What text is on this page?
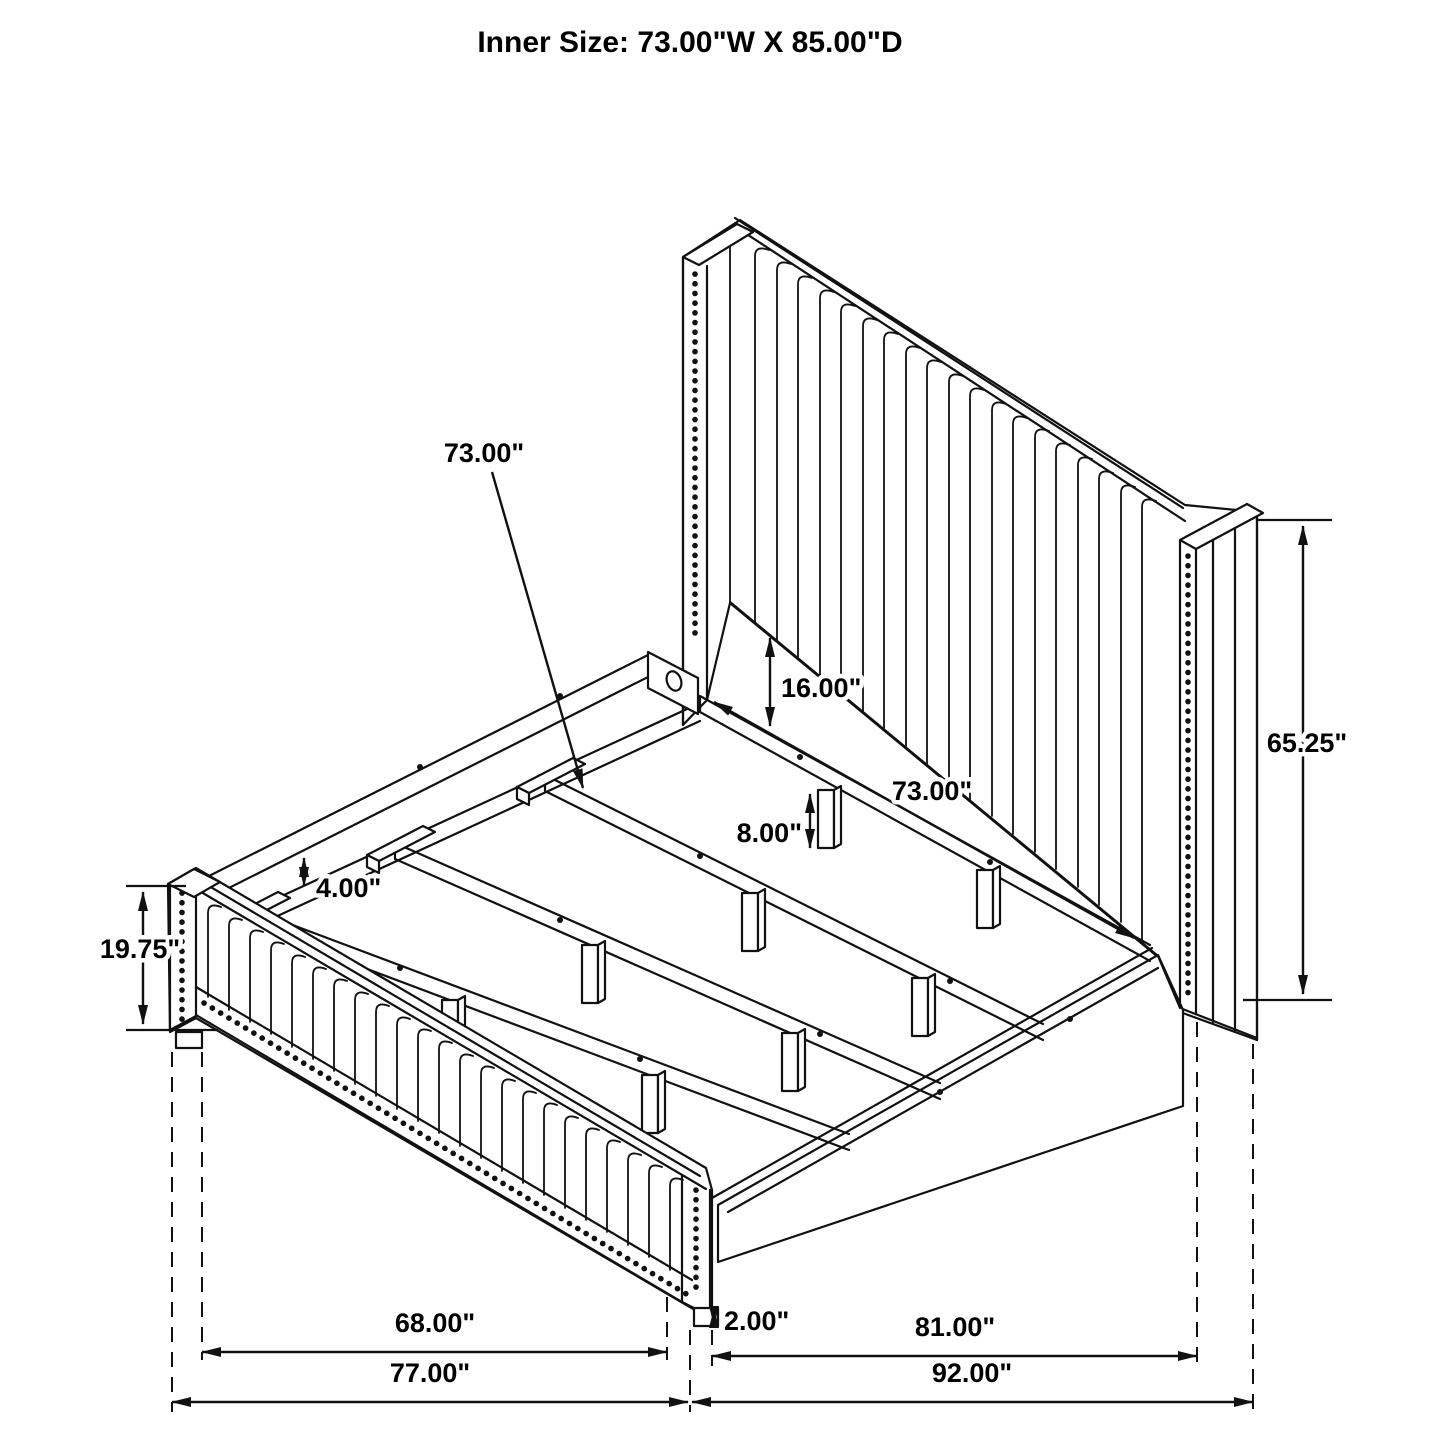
73.00"
73.00"
16.00"
65.25"
8.00"
4.00"
19.75"
2.00"
68.00"	81.00"
77.00"	92.00"
Inner Size: 73.00"W X 85.00"D
